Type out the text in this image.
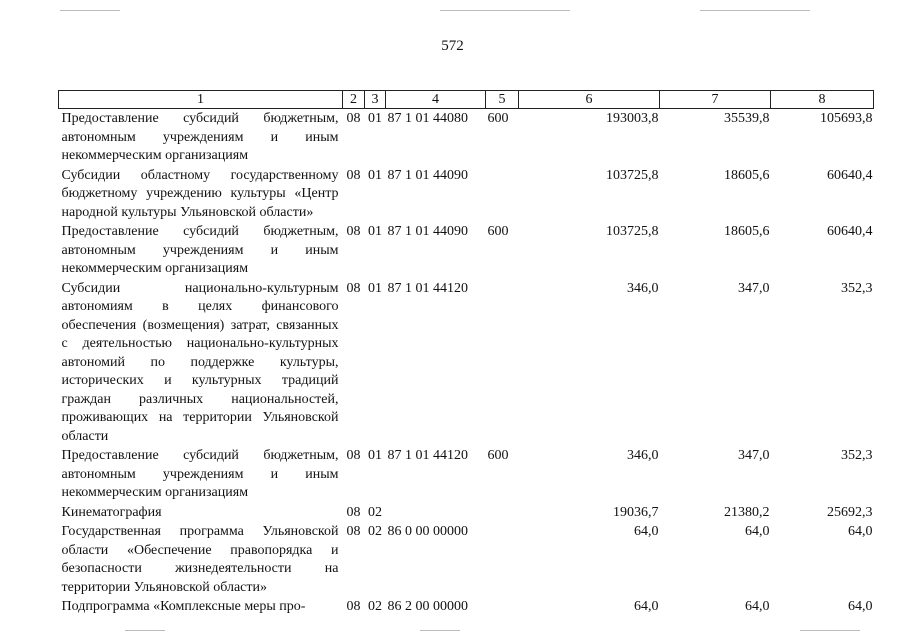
572
1	2	3	4	5	6	7	8
Предоставление субсидий бюджетным, автономным учреждениям и иным некоммерческим организациям	08	01	87 1 01 44080	600	193003,8	35539,8	105693,8
Субсидии областному государственному бюджетному учреждению культуры «Центр народной культуры Ульяновской области»	08	01	87 1 01 44090		103725,8	18605,6	60640,4
Предоставление субсидий бюджетным, автономным учреждениям и иным некоммерческим организациям	08	01	87 1 01 44090	600	103725,8	18605,6	60640,4
Субсидии национально-культурным автономиям в целях финансового обеспечения (возмещения) затрат, связанных с деятельностью национально-культурных автономий по поддержке культуры, исторических и культурных традиций граждан различных национальностей, проживающих на территории Ульяновской области	08	01	87 1 01 44120		346,0	347,0	352,3
Предоставление субсидий бюджетным, автономным учреждениям и иным некоммерческим организациям	08	01	87 1 01 44120	600	346,0	347,0	352,3
Кинематография	08	02			19036,7	21380,2	25692,3
Государственная программа Ульяновской области «Обеспечение правопорядка и безопасности жизнедеятельности на территории Ульяновской области»	08	02	86 0 00 00000		64,0	64,0	64,0
Подпрограмма «Комплексные меры про-	08	02	86 2 00 00000		64,0	64,0	64,0
